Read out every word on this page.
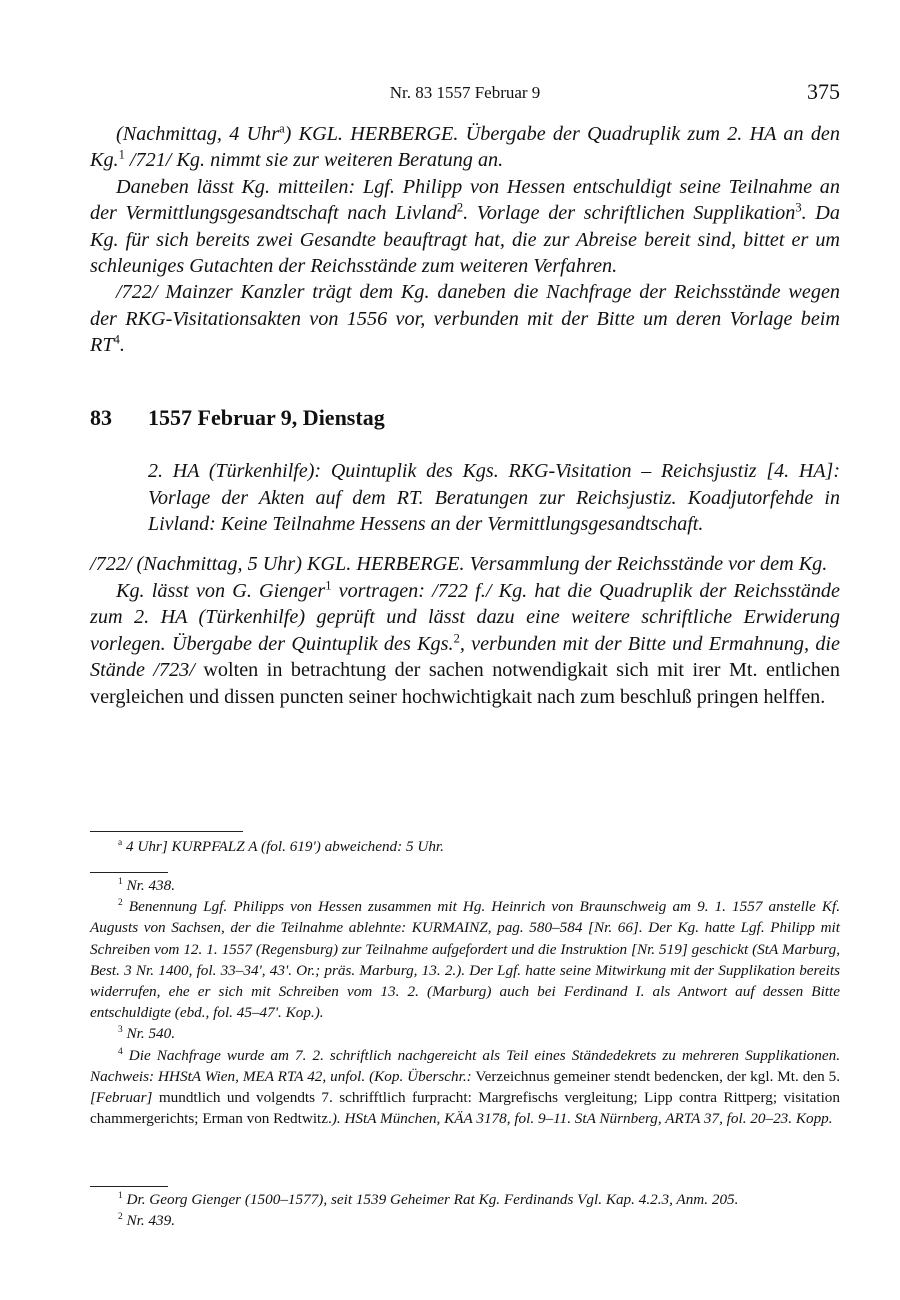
Nr. 83 1557 Februar 9	375

(Nachmittag, 4 Uhr$^a$) KGL. HERBERGE. Übergabe der Quadruplik zum 2. HA an den Kg.$^1$ /721/ Kg. nimmt sie zur weiteren Beratung an.

Daneben lässt Kg. mitteilen: Lgf. Philipp von Hessen entschuldigt seine Teilnahme an der Vermittlungsgesandtschaft nach Livland$^2$. Vorlage der schriftlichen Supplikation$^3$. Da Kg. für sich bereits zwei Gesandte beauftragt hat, die zur Abreise bereit sind, bittet er um schleuniges Gutachten der Reichsstände zum weiteren Verfahren.

/722/ Mainzer Kanzler trägt dem Kg. daneben die Nachfrage der Reichsstände wegen der RKG-Visitationsakten von 1556 vor, verbunden mit der Bitte um deren Vorlage beim $RT^4$.

83 1557 Februar 9, Dienstag
2. HA (Türkenhilfe): Quintuplik des Kgs. RKG-Visitation – Reichsjustiz [4. HA]: Vorlage der Akten auf dem RT. Beratungen zur Reichsjustiz. Koadjutorfehde in Livland: Keine Teilnahme Hessens an der Vermittlungsgesandtschaft.

/722/ (Nachmittag, 5 Uhr) KGL. HERBERGE. Versammlung der Reichsstände vor dem Kg.

Kg. lässt von G. Gienger$^1$ vortragen: /722 f./ Kg. hat die Quadruplik der Reichsstände zum 2. HA (Türkenhilfe) geprüft und lässt dazu eine weitere schriftliche Erwiderung vorlegen. Übergabe der Quintuplik des Kgs.$^2$, verbunden mit der Bitte und Ermahnung, die Stände /723/ wolten in betrachtung der sachen notwendigkait sich mit irer Mt. entlichen vergleichen und dissen puncten seiner hochwichtigkait nach zum beschluß pringen helffen.

$^a$ 4 Uhr] KURPFALZ A (fol. 619') abweichend: 5 Uhr.

$^1$ Nr. 438.

$^2$ Benennung Lgf. Philipps von Hessen zusammen mit Hg. Heinrich von Braunschweig am 9. 1. 1557 anstelle Kf. Augusts von Sachsen, der die Teilnahme ablehnte: KURMAINZ, pag. 580–584 [Nr. 66]. Der Kg. hatte Lgf. Philipp mit Schreiben vom 12. 1. 1557 (Regensburg) zur Teilnahme aufgefordert und die Instruktion [Nr. 519] geschickt (StA Marburg, Best. 3 Nr. 1400, fol. 33–34', 43'. Or.; präs. Marburg, 13. 2.). Der Lgf. hatte seine Mitwirkung mit der Supplikation bereits widerrufen, ehe er sich mit Schreiben vom 13. 2. (Marburg) auch bei Ferdinand I. als Antwort auf dessen Bitte entschuldigte (ebd., fol. 45–47'. Kop.).

$^3$ Nr. 540.

$^4$ Die Nachfrage wurde am 7. 2. schriftlich nachgereicht als Teil eines Ständedekrets zu mehreren Supplikationen. Nachweis: HHStA Wien, MEA RTA 42, unfol. (Kop. Überschr.: Verzeichnus gemeiner stendt bedencken, der kgl. Mt. den 5. [Februar] mundtlich und volgendts 7. schrifftlich furpracht: Margrefischs vergleitung; Lipp contra Rittperg; visitation chammergerichts; Erman von Redtwitz.). HStA München, KÄA 3178, fol. 9–11. StA Nürnberg, ARTA 37, fol. 20–23. Kopp.

$^1$ Dr. Georg Gienger (1500–1577), seit 1539 Geheimer Rat Kg. Ferdinands Vgl. Kap. 4.2.3, Anm. 205.

$^2$ Nr. 439.
